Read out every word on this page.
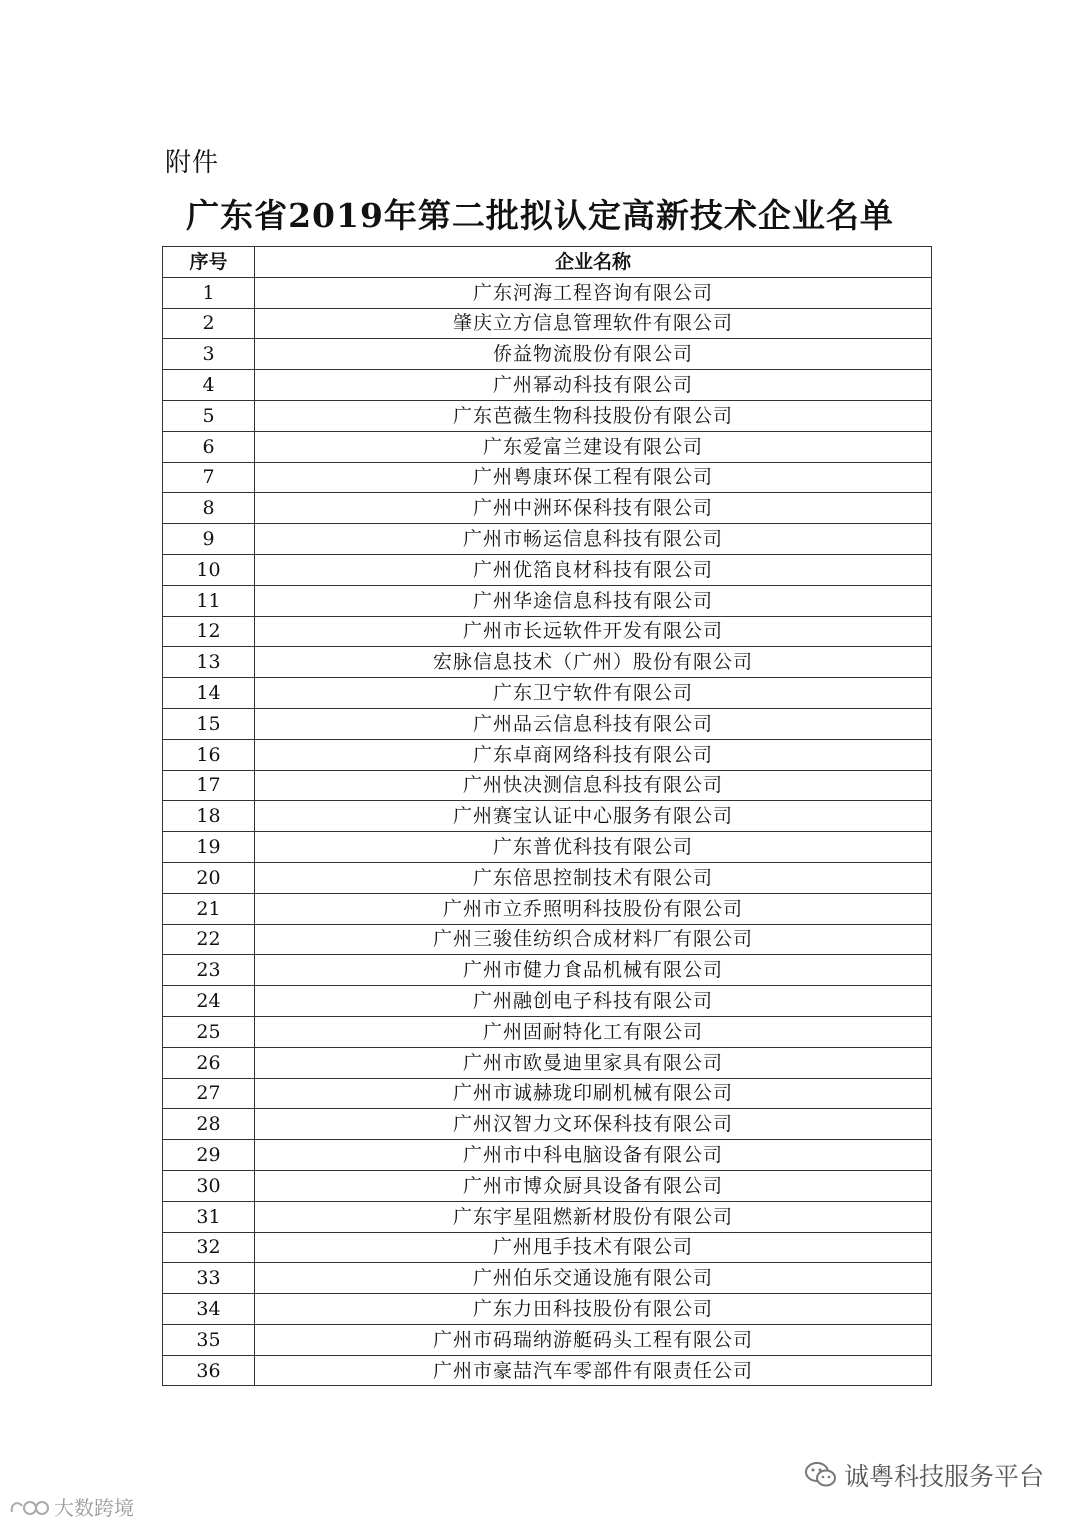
附件
广东省2019年第二批拟认定高新技术企业名单
序号	企业名称
1	广东河海工程咨询有限公司
2	肇庆立方信息管理软件有限公司
3	侨益物流股份有限公司
4	广州幂动科技有限公司
5	广东芭薇生物科技股份有限公司
6	广东爱富兰建设有限公司
7	广州粤康环保工程有限公司
8	广州中洲环保科技有限公司
9	广州市畅运信息科技有限公司
10	广州优箔良材科技有限公司
11	广州华途信息科技有限公司
12	广州市长远软件开发有限公司
13	宏脉信息技术（广州）股份有限公司
14	广东卫宁软件有限公司
15	广州品云信息科技有限公司
16	广东卓商网络科技有限公司
17	广州快决测信息科技有限公司
18	广州赛宝认证中心服务有限公司
19	广东普优科技有限公司
20	广东倍思控制技术有限公司
21	广州市立乔照明科技股份有限公司
22	广州三骏佳纺织合成材料厂有限公司
23	广州市健力食品机械有限公司
24	广州融创电子科技有限公司
25	广州固耐特化工有限公司
26	广州市欧曼迪里家具有限公司
27	广州市诚赫珑印刷机械有限公司
28	广州汉智力文环保科技有限公司
29	广州市中科电脑设备有限公司
30	广州市博众厨具设备有限公司
31	广东宇星阻燃新材股份有限公司
32	广州甩手技术有限公司
33	广州伯乐交通设施有限公司
34	广东力田科技股份有限公司
35	广州市码瑞纳游艇码头工程有限公司
36	广州市豪喆汽车零部件有限责任公司
诚粤科技服务平台
大数跨境
